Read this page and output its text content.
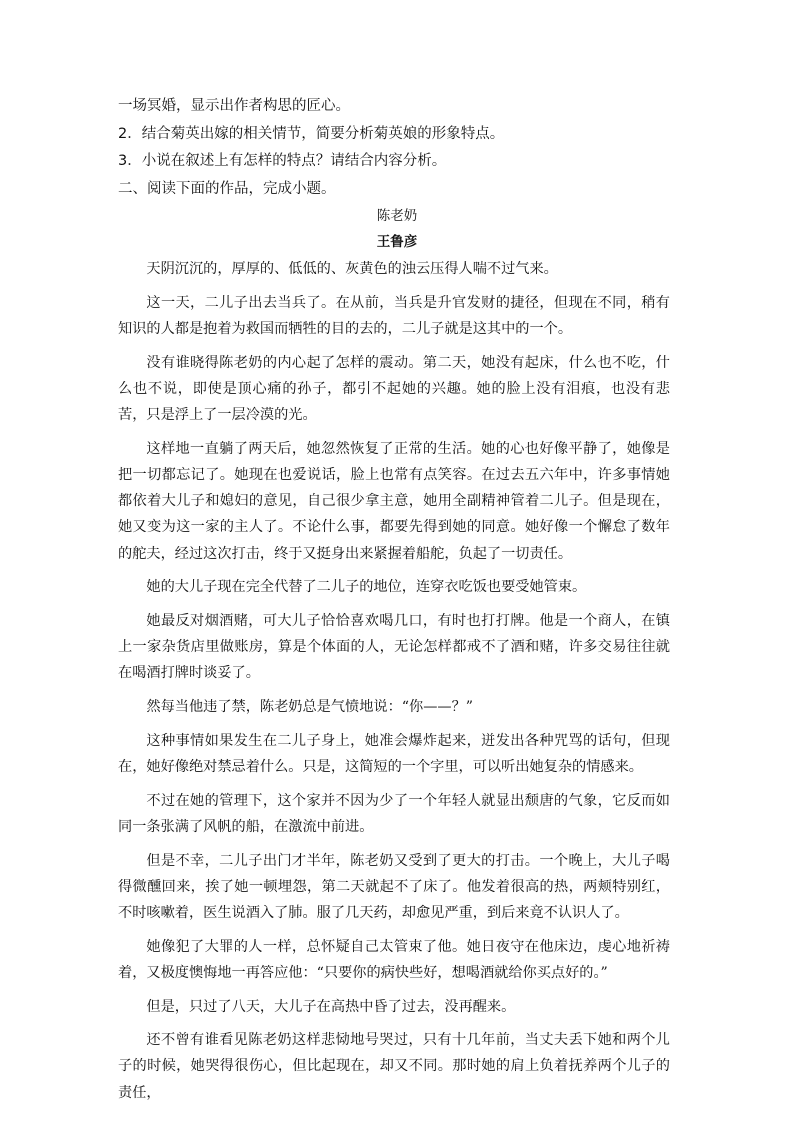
一场冥婚，显示出作者构思的匠心。
2．结合菊英出嫁的相关情节，简要分析菊英娘的形象特点。
3．小说在叙述上有怎样的特点？请结合内容分析。
二、阅读下面的作品，完成小题。
陈老奶
王鲁彦

天阴沉沉的，厚厚的、低低的、灰黄色的浊云压得人喘不过气来。

这一天，二儿子出去当兵了。在从前，当兵是升官发财的捷径，但现在不同，稍有知识的人都是抱着为救国而牺牲的目的去的，二儿子就是这其中的一个。

没有谁晓得陈老奶的内心起了怎样的震动。第二天，她没有起床，什么也不吃，什么也不说，即使是顶心痛的孙子，都引不起她的兴趣。她的脸上没有泪痕，也没有悲苦，只是浮上了一层冷漠的光。

这样地一直躺了两天后，她忽然恢复了正常的生活。她的心也好像平静了，她像是把一切都忘记了。她现在也爱说话，脸上也常有点笑容。在过去五六年中，许多事情她都依着大儿子和媳妇的意见，自己很少拿主意，她用全副精神管着二儿子。但是现在，她又变为这一家的主人了。不论什么事，都要先得到她的同意。她好像一个懈怠了数年的舵夫，经过这次打击，终于又挺身出来紧握着船舵，负起了一切责任。

她的大儿子现在完全代替了二儿子的地位，连穿衣吃饭也要受她管束。

她最反对烟酒赌，可大儿子恰恰喜欢喝几口，有时也打打牌。他是一个商人，在镇上一家杂货店里做账房，算是个体面的人，无论怎样都戒不了酒和赌，许多交易往往就在喝酒打牌时谈妥了。

然每当他违了禁，陈老奶总是气愤地说：“你——？”

这种事情如果发生在二儿子身上，她准会爆炸起来，迸发出各种咒骂的话句，但现在，她好像绝对禁忌着什么。只是，这简短的一个字里，可以听出她复杂的情感来。

不过在她的管理下，这个家并不因为少了一个年轻人就显出颓唐的气象，它反而如同一条张满了风帆的船，在激流中前进。

但是不幸，二儿子出门才半年，陈老奶又受到了更大的打击。一个晚上，大儿子喝得微醺回来，挨了她一顿埋怨，第二天就起不了床了。他发着很高的热，两颊特别红，不时咳嗽着，医生说酒入了肺。服了几天药，却愈见严重，到后来竟不认识人了。

她像犯了大罪的人一样，总怀疑自己太管束了他。她日夜守在他床边，虔心地祈祷着，又极度懊悔地一再答应他：“只要你的病快些好，想喝酒就给你买点好的。”

但是，只过了八天，大儿子在高热中昏了过去，没再醒来。

还不曾有谁看见陈老奶这样悲恸地号哭过，只有十几年前，当丈夫丢下她和两个儿子的时候，她哭得很伤心，但比起现在，却又不同。那时她的肩上负着抚养两个儿子的责任，
